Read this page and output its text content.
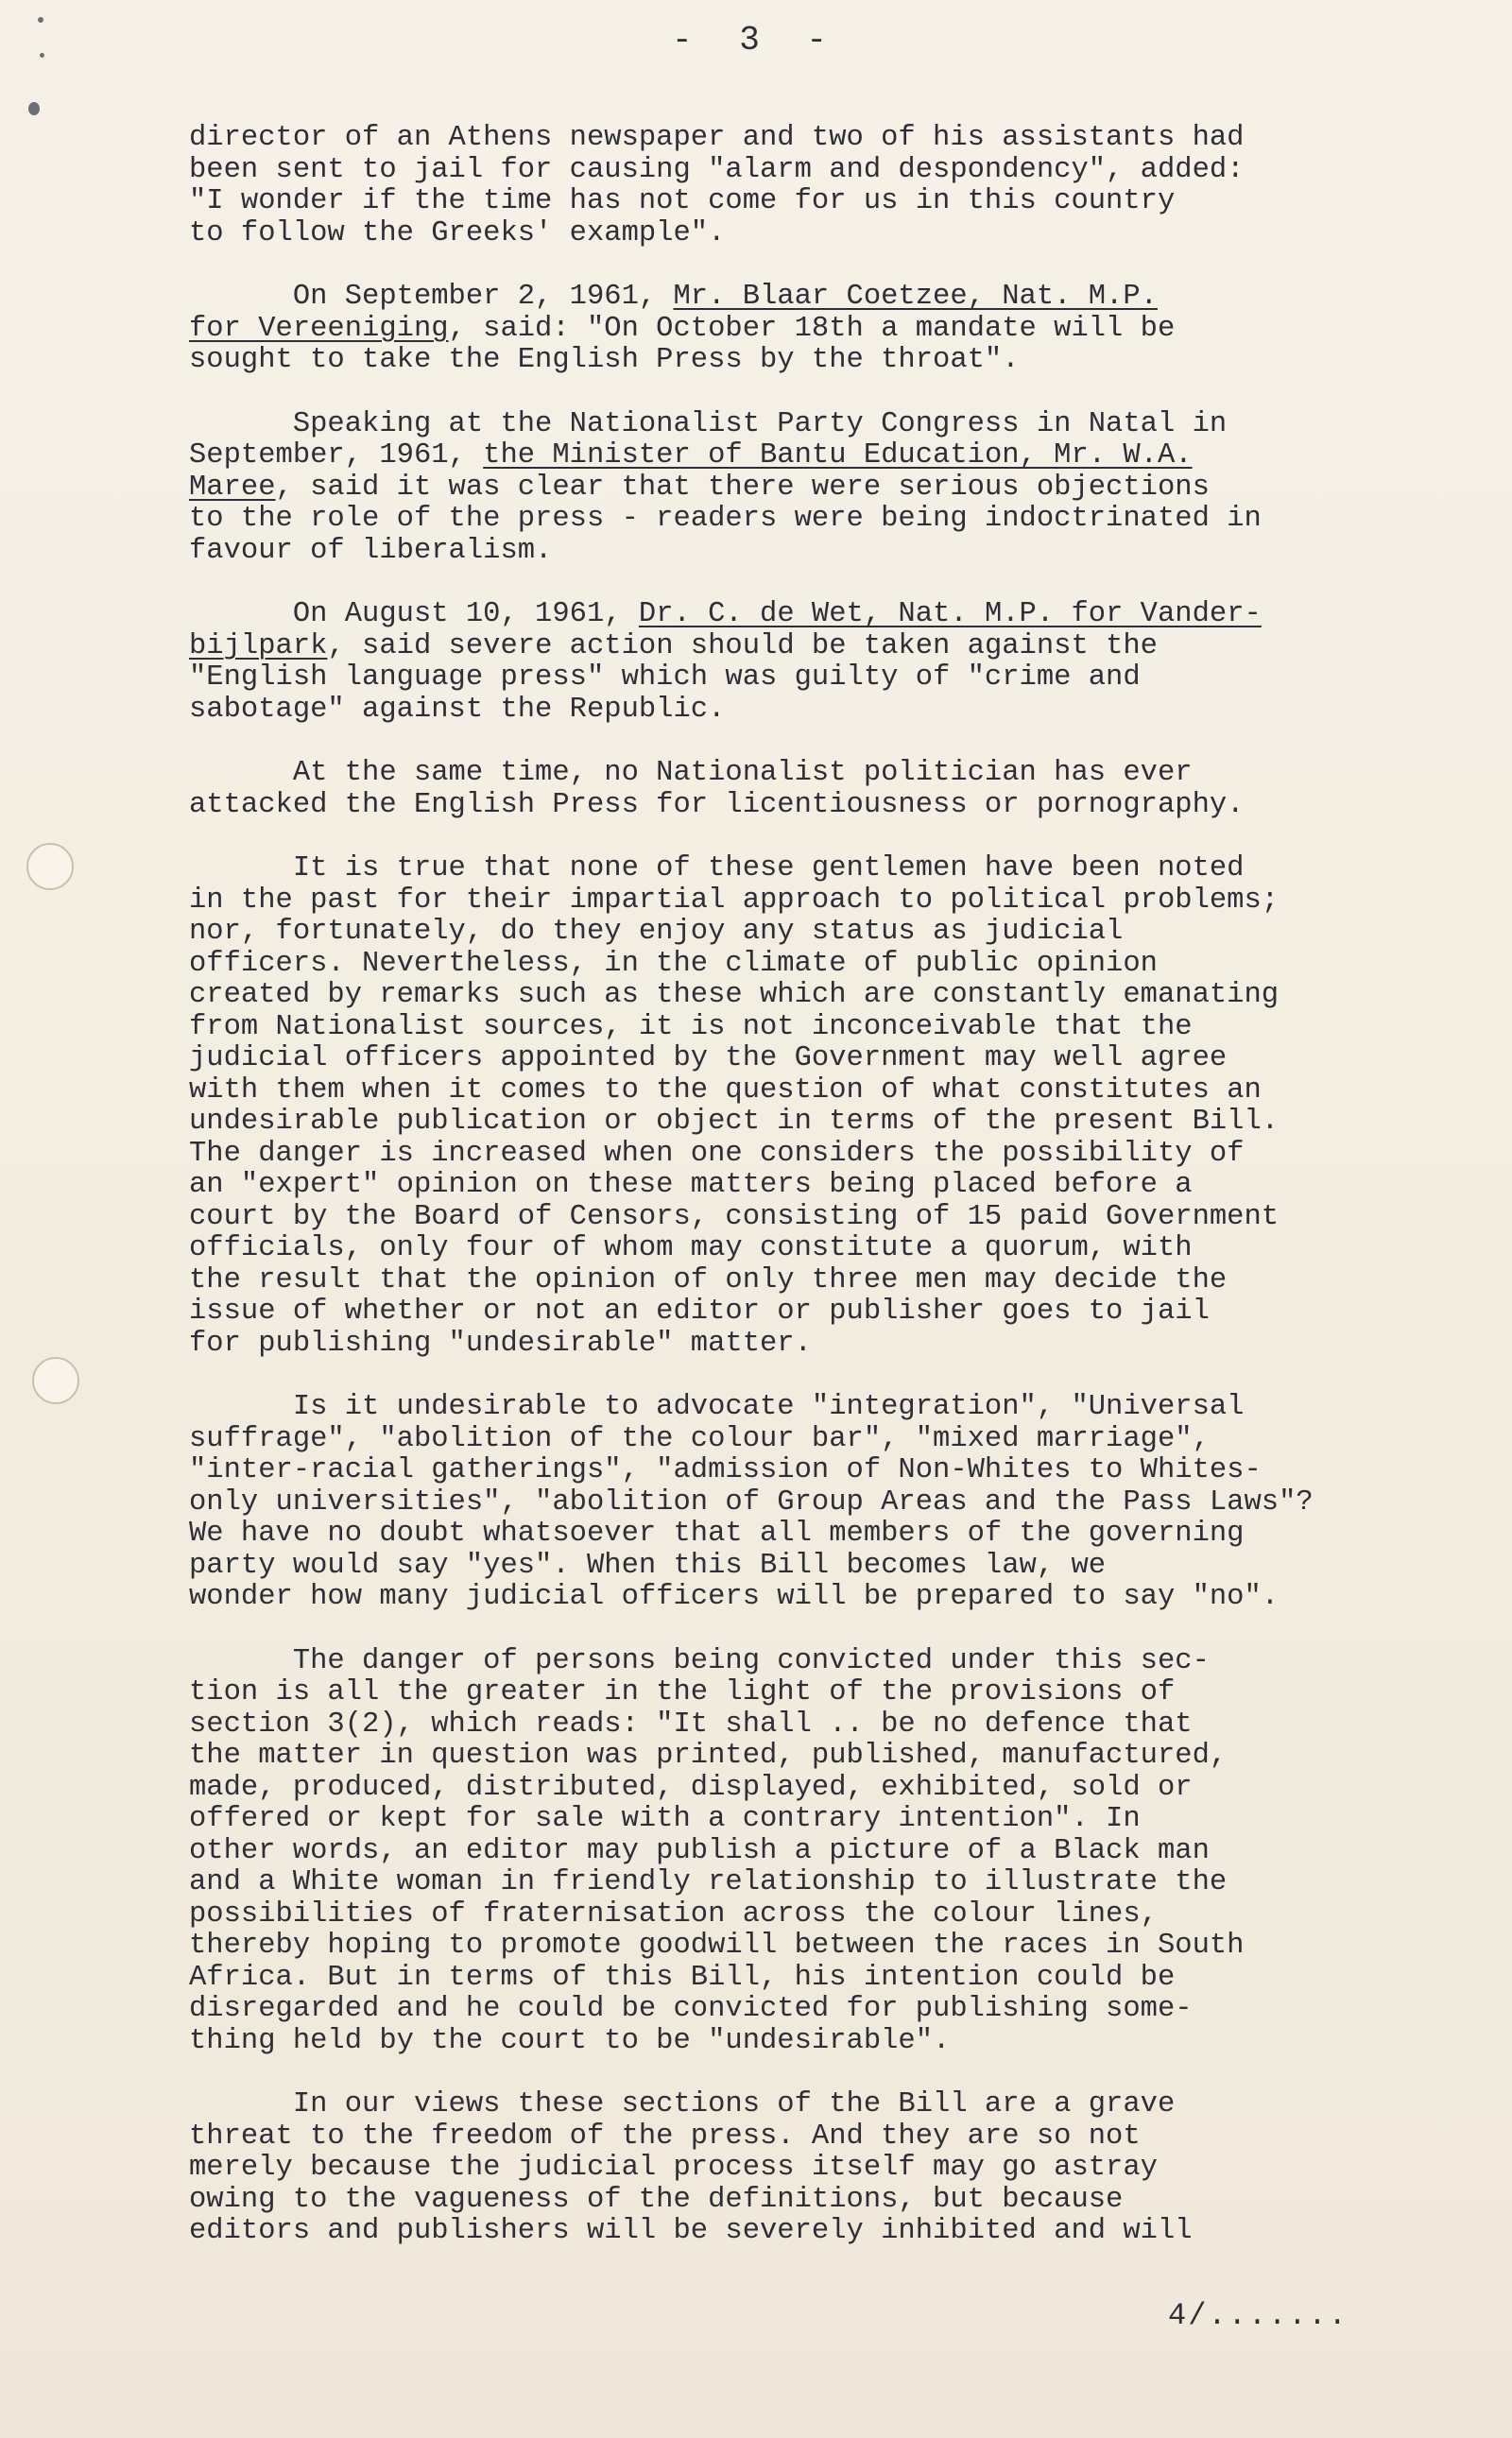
- 3 -
director of an Athens newspaper and two of his assistants had
been sent to jail for causing "alarm and despondency", added:
"I wonder if the time has not come for us in this country
to follow the Greeks' example".
On September 2, 1961, Mr. Blaar Coetzee, Nat. M.P.
for Vereeniging, said: "On October 18th a mandate will be
sought to take the English Press by the throat".
Speaking at the Nationalist Party Congress in Natal in
September, 1961, the Minister of Bantu Education, Mr. W.A.
Maree, said it was clear that there were serious objections
to the role of the press - readers were being indoctrinated in
favour of liberalism.
On August 10, 1961, Dr. C. de Wet, Nat. M.P. for Vander-
bijlpark, said severe action should be taken against the
"English language press" which was guilty of "crime and
sabotage" against the Republic.
At the same time, no Nationalist politician has ever
attacked the English Press for licentiousness or pornography.
It is true that none of these gentlemen have been noted
in the past for their impartial approach to political problems;
nor, fortunately, do they enjoy any status as judicial
officers. Nevertheless, in the climate of public opinion
created by remarks such as these which are constantly emanating
from Nationalist sources, it is not inconceivable that the
judicial officers appointed by the Government may well agree
with them when it comes to the question of what constitutes an
undesirable publication or object in terms of the present Bill.
The danger is increased when one considers the possibility of
an "expert" opinion on these matters being placed before a
court by the Board of Censors, consisting of 15 paid Government
officials, only four of whom may constitute a quorum, with
the result that the opinion of only three men may decide the
issue of whether or not an editor or publisher goes to jail
for publishing "undesirable" matter.
Is it undesirable to advocate "integration", "Universal
suffrage", "abolition of the colour bar", "mixed marriage",
"inter-racial gatherings", "admission of Non-Whites to Whites-
only universities", "abolition of Group Areas and the Pass Laws"?
We have no doubt whatsoever that all members of the governing
party would say "yes". When this Bill becomes law, we
wonder how many judicial officers will be prepared to say "no".
The danger of persons being convicted under this sec-
tion is all the greater in the light of the provisions of
section 3(2), which reads: "It shall .. be no defence that
the matter in question was printed, published, manufactured,
made, produced, distributed, displayed, exhibited, sold or
offered or kept for sale with a contrary intention". In
other words, an editor may publish a picture of a Black man
and a White woman in friendly relationship to illustrate the
possibilities of fraternisation across the colour lines,
thereby hoping to promote goodwill between the races in South
Africa. But in terms of this Bill, his intention could be
disregarded and he could be convicted for publishing some-
thing held by the court to be "undesirable".
In our views these sections of the Bill are a grave
threat to the freedom of the press. And they are so not
merely because the judicial process itself may go astray
owing to the vagueness of the definitions, but because
editors and publishers will be severely inhibited and will
4/.......
